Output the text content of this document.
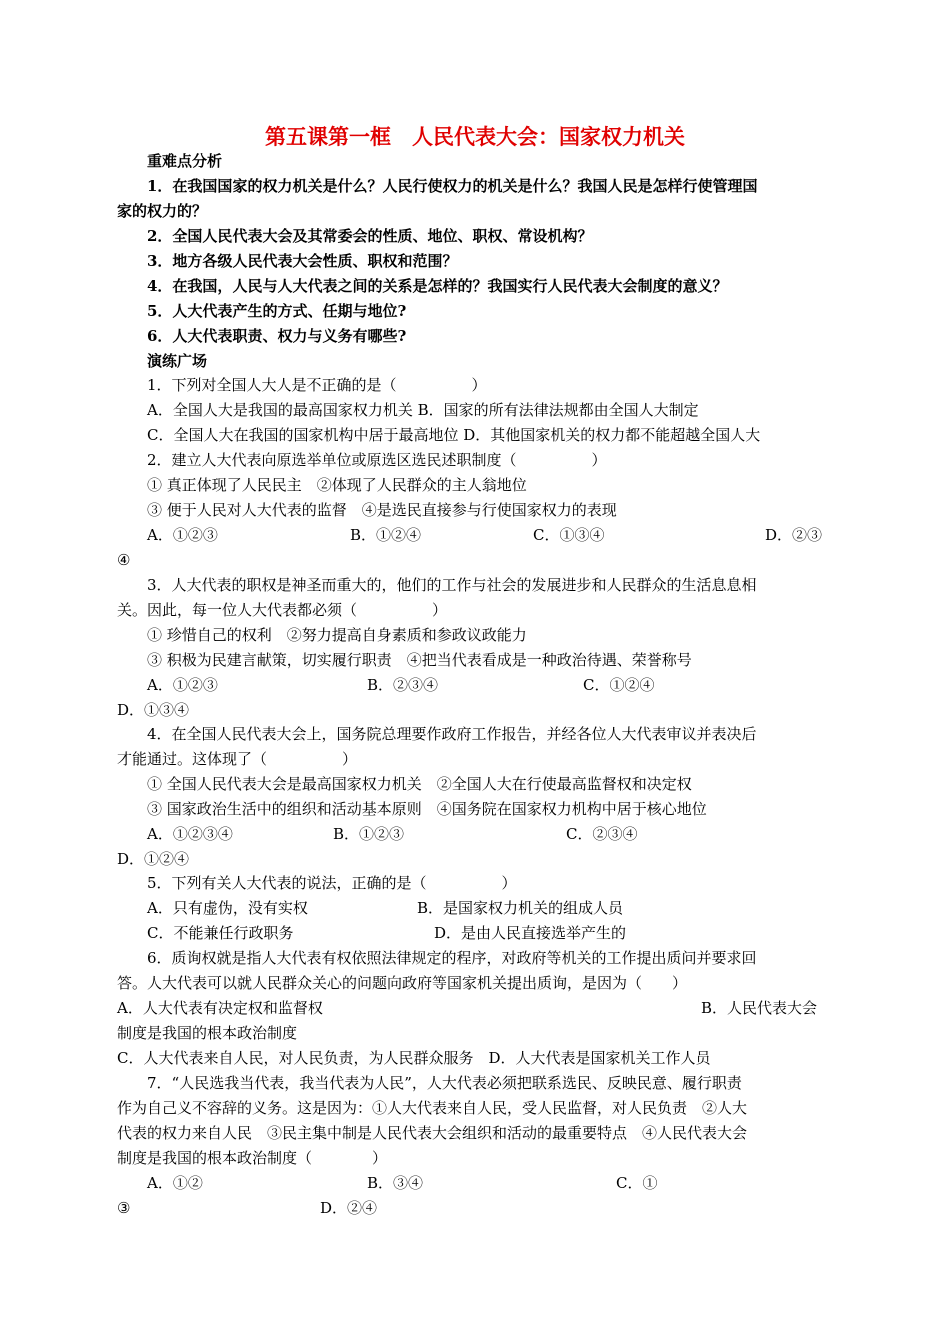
第五课第一框　人民代表大会：国家权力机关
重难点分析
1．在我国国家的权力机关是什么？人民行使权力的机关是什么？我国人民是怎样行使管理国
家的权力的？
2．全国人民代表大会及其常委会的性质、地位、职权、常设机构？
3．地方各级人民代表大会性质、职权和范围？
4．在我国，人民与人大代表之间的关系是怎样的？我国实行人民代表大会制度的意义？
5．人大代表产生的方式、任期与地位?
6．人大代表职责、权力与义务有哪些?
演练广场
1．下列对全国人大人是不正确的是（　　　　　）
A．全国人大是我国的最高国家权力机关 B．国家的所有法律法规都由全国人大制定
C．全国人大在我国的国家机构中居于最高地位 D．其他国家机关的权力都不能超越全国人大
2．建立人大代表向原选举单位或原选区选民述职制度（　　　　　）
① 真正体现了人民民主　②体现了人民群众的主人翁地位
③ 便于人民对人大代表的监督　④是选民直接参与行使国家权力的表现
A．①②③	B．①②④	C．①③④	D．②③
④
3．人大代表的职权是神圣而重大的，他们的工作与社会的发展进步和人民群众的生活息息相
关。因此，每一位人大代表都必须（　　　　　）
① 珍惜自己的权利　②努力提高自身素质和参政议政能力
③ 积极为民建言献策，切实履行职责　④把当代表看成是一种政治待遇、荣誉称号
A．①②③	B．②③④	C．①②④
D．①③④
4．在全国人民代表大会上，国务院总理要作政府工作报告，并经各位人大代表审议并表决后
才能通过。这体现了（　　　　　）
① 全国人民代表大会是最高国家权力机关　②全国人大在行使最高监督权和决定权
③ 国家政治生活中的组织和活动基本原则　④国务院在国家权力机构中居于核心地位
A．①②③④	B．①②③	C．②③④
D．①②④
5．下列有关人大代表的说法，正确的是（　　　　　）
A．只有虚伪，没有实权	B．是国家权力机关的组成人员
C．不能兼任行政职务	D．是由人民直接选举产生的
6．质询权就是指人大代表有权依照法律规定的程序，对政府等机关的工作提出质问并要求回
答。人大代表可以就人民群众关心的问题向政府等国家机关提出质询，是因为（　　）
A．人大代表有决定权和监督权	B．人民代表大会
制度是我国的根本政治制度
C．人大代表来自人民，对人民负责，为人民群众服务　D．人大代表是国家机关工作人员
7．“人民选我当代表，我当代表为人民”，人大代表必须把联系选民、反映民意、履行职责
作为自己义不容辞的义务。这是因为：①人大代表来自人民，受人民监督，对人民负责　②人大
代表的权力来自人民　③民主集中制是人民代表大会组织和活动的最重要特点　④人民代表大会
制度是我国的根本政治制度（　　　　）
A．①②	B．③④	C．①
③	D．②④
